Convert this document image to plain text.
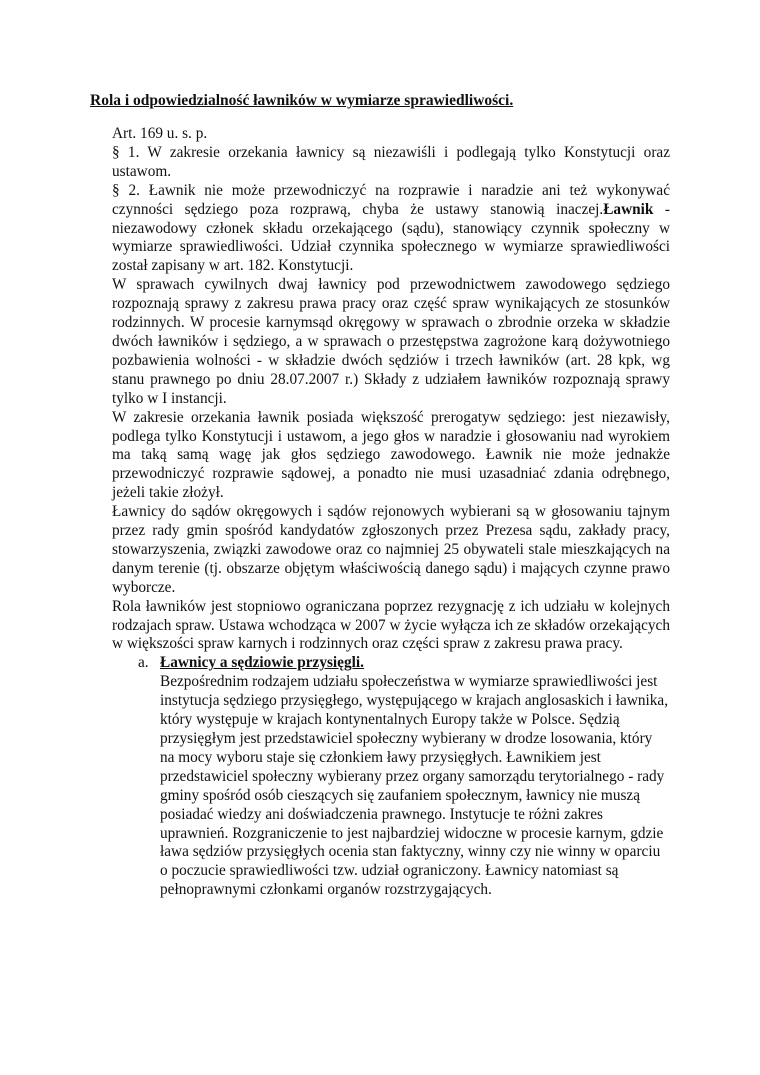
Rola i odpowiedzialność ławników w wymiarze sprawiedliwości.

Art. 169 u. s. p.

§ 1. W zakresie orzekania ławnicy są niezawiśli i podlegają tylko Konstytucji oraz ustawom.

§ 2. Ławnik nie może przewodniczyć na rozprawie i naradzie ani też wykonywać czynności sędziego poza rozprawą, chyba że ustawy stanowią inaczej.Ławnik - niezawodowy członek składu orzekającego (sądu), stanowiący czynnik społeczny w wymiarze sprawiedliwości. Udział czynnika społecznego w wymiarze sprawiedliwości został zapisany w art. 182. Konstytucji.

W sprawach cywilnych dwaj ławnicy pod przewodnictwem zawodowego sędziego rozpoznają sprawy z zakresu prawa pracy oraz część spraw wynikających ze stosunków rodzinnych. W procesie karnymsąd okręgowy w sprawach o zbrodnie orzeka w składzie dwóch ławników i sędziego, a w sprawach o przestępstwa zagrożone karą dożywotniego pozbawienia wolności - w składzie dwóch sędziów i trzech ławników (art. 28 kpk, wg stanu prawnego po dniu 28.07.2007 r.) Składy z udziałem ławników rozpoznają sprawy tylko w I instancji.

W zakresie orzekania ławnik posiada większość prerogatyw sędziego: jest niezawisły, podlega tylko Konstytucji i ustawom, a jego głos w naradzie i głosowaniu nad wyrokiem ma taką samą wagę jak głos sędziego zawodowego. Ławnik nie może jednakże przewodniczyć rozprawie sądowej, a ponadto nie musi uzasadniać zdania odrębnego, jeżeli takie złożył.

Ławnicy do sądów okręgowych i sądów rejonowych wybierani są w głosowaniu tajnym przez rady gmin spośród kandydatów zgłoszonych przez Prezesa sądu, zakłady pracy, stowarzyszenia, związki zawodowe oraz co najmniej 25 obywateli stale mieszkających na danym terenie (tj. obszarze objętym właściwością danego sądu) i mających czynne prawo wyborcze.

Rola ławników jest stopniowo ograniczana poprzez rezygnację z ich udziału w kolejnych rodzajach spraw. Ustawa wchodząca w 2007 w życie wyłącza ich ze składów orzekających w większości spraw karnych i rodzinnych oraz części spraw z zakresu prawa pracy.

a. Ławnicy a sędziowie przysięgli.

Bezpośrednim rodzajem udziału społeczeństwa w wymiarze sprawiedliwości jest instytucja sędziego przysięgłego, występującego w krajach anglosaskich i ławnika, który występuje w krajach kontynentalnych Europy także w Polsce. Sędzią przysięgłym jest przedstawiciel społeczny wybierany w drodze losowania, który na mocy wyboru staje się członkiem ławy przysięgłych. Ławnikiem jest przedstawiciel społeczny wybierany przez organy samorządu terytorialnego - rady gminy spośród osób cieszących się zaufaniem społecznym, ławnicy nie muszą posiadać wiedzy ani doświadczenia prawnego. Instytucje te różni zakres uprawnień. Rozgraniczenie to jest najbardziej widoczne w procesie karnym, gdzie ława sędziów przysięgłych ocenia stan faktyczny, winny czy nie winny w oparciu o poczucie sprawiedliwości tzw. udział ograniczony. Ławnicy natomiast są pełnoprawnymi członkami organów rozstrzygających.
